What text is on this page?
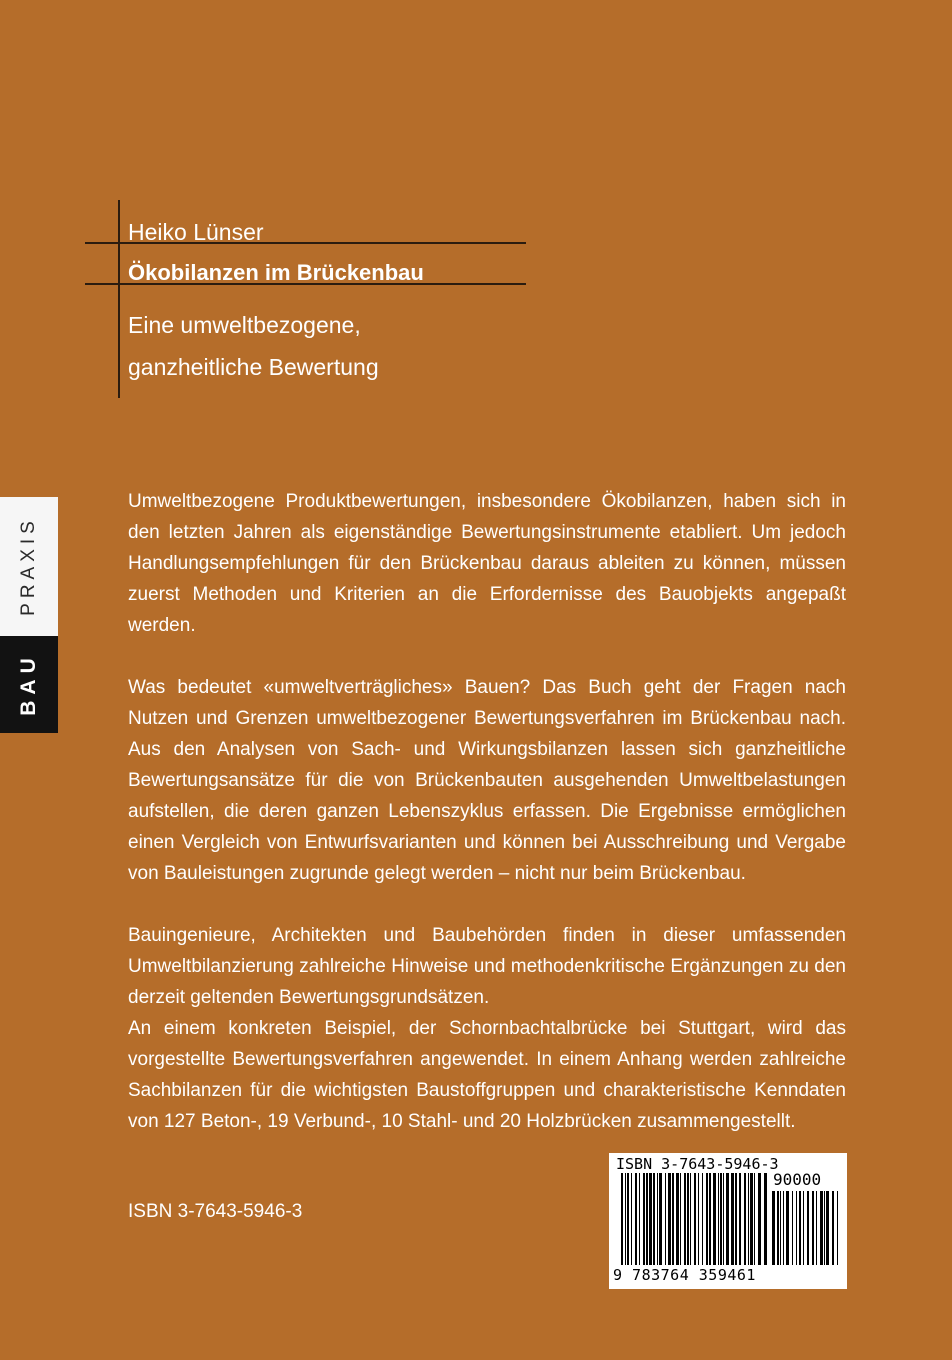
Heiko Lünser
Ökobilanzen im Brückenbau
Eine umweltbezogene,
ganzheitliche Bewertung
PRAXIS
BAU

Umweltbezogene Produktbewertungen, insbesondere Ökobilanzen, haben sich in den letzten Jahren als eigenständige Bewertungsinstrumente etabliert. Um jedoch Handlungsempfehlungen für den Brückenbau daraus ableiten zu können, müssen zuerst Methoden und Kriterien an die Erfordernisse des Bauobjekts angepaßt werden.

Was bedeutet «umweltverträgliches» Bauen? Das Buch geht der Fragen nach Nutzen und Grenzen umweltbezogener Bewertungsverfahren im Brückenbau nach. Aus den Analysen von Sach- und Wirkungsbilanzen lassen sich ganzheitliche Bewertungsansätze für die von Brückenbauten ausgehenden Umweltbelastungen aufstellen, die deren ganzen Lebenszyklus erfassen. Die Ergebnisse ermöglichen einen Vergleich von Entwurfsvarianten und können bei Ausschreibung und Vergabe von Bauleistungen zugrunde gelegt werden – nicht nur beim Brückenbau.

Bauingenieure, Architekten und Baubehörden finden in dieser umfassenden Umweltbilanzierung zahlreiche Hinweise und methodenkritische Ergänzungen zu den derzeit geltenden Bewertungsgrundsätzen.

An einem konkreten Beispiel, der Schornbachtalbrücke bei Stuttgart, wird das vorgestellte Bewertungsverfahren angewendet. In einem Anhang werden zahlreiche Sachbilanzen für die wichtigsten Baustoffgruppen und charakteristische Kenndaten von 127 Beton-, 19 Verbund-, 10 Stahl- und 20 Holzbrücken zusammengestellt.

ISBN 3-7643-5946-3
ISBN 3-7643-5946-3
90000
9 783764 359461
